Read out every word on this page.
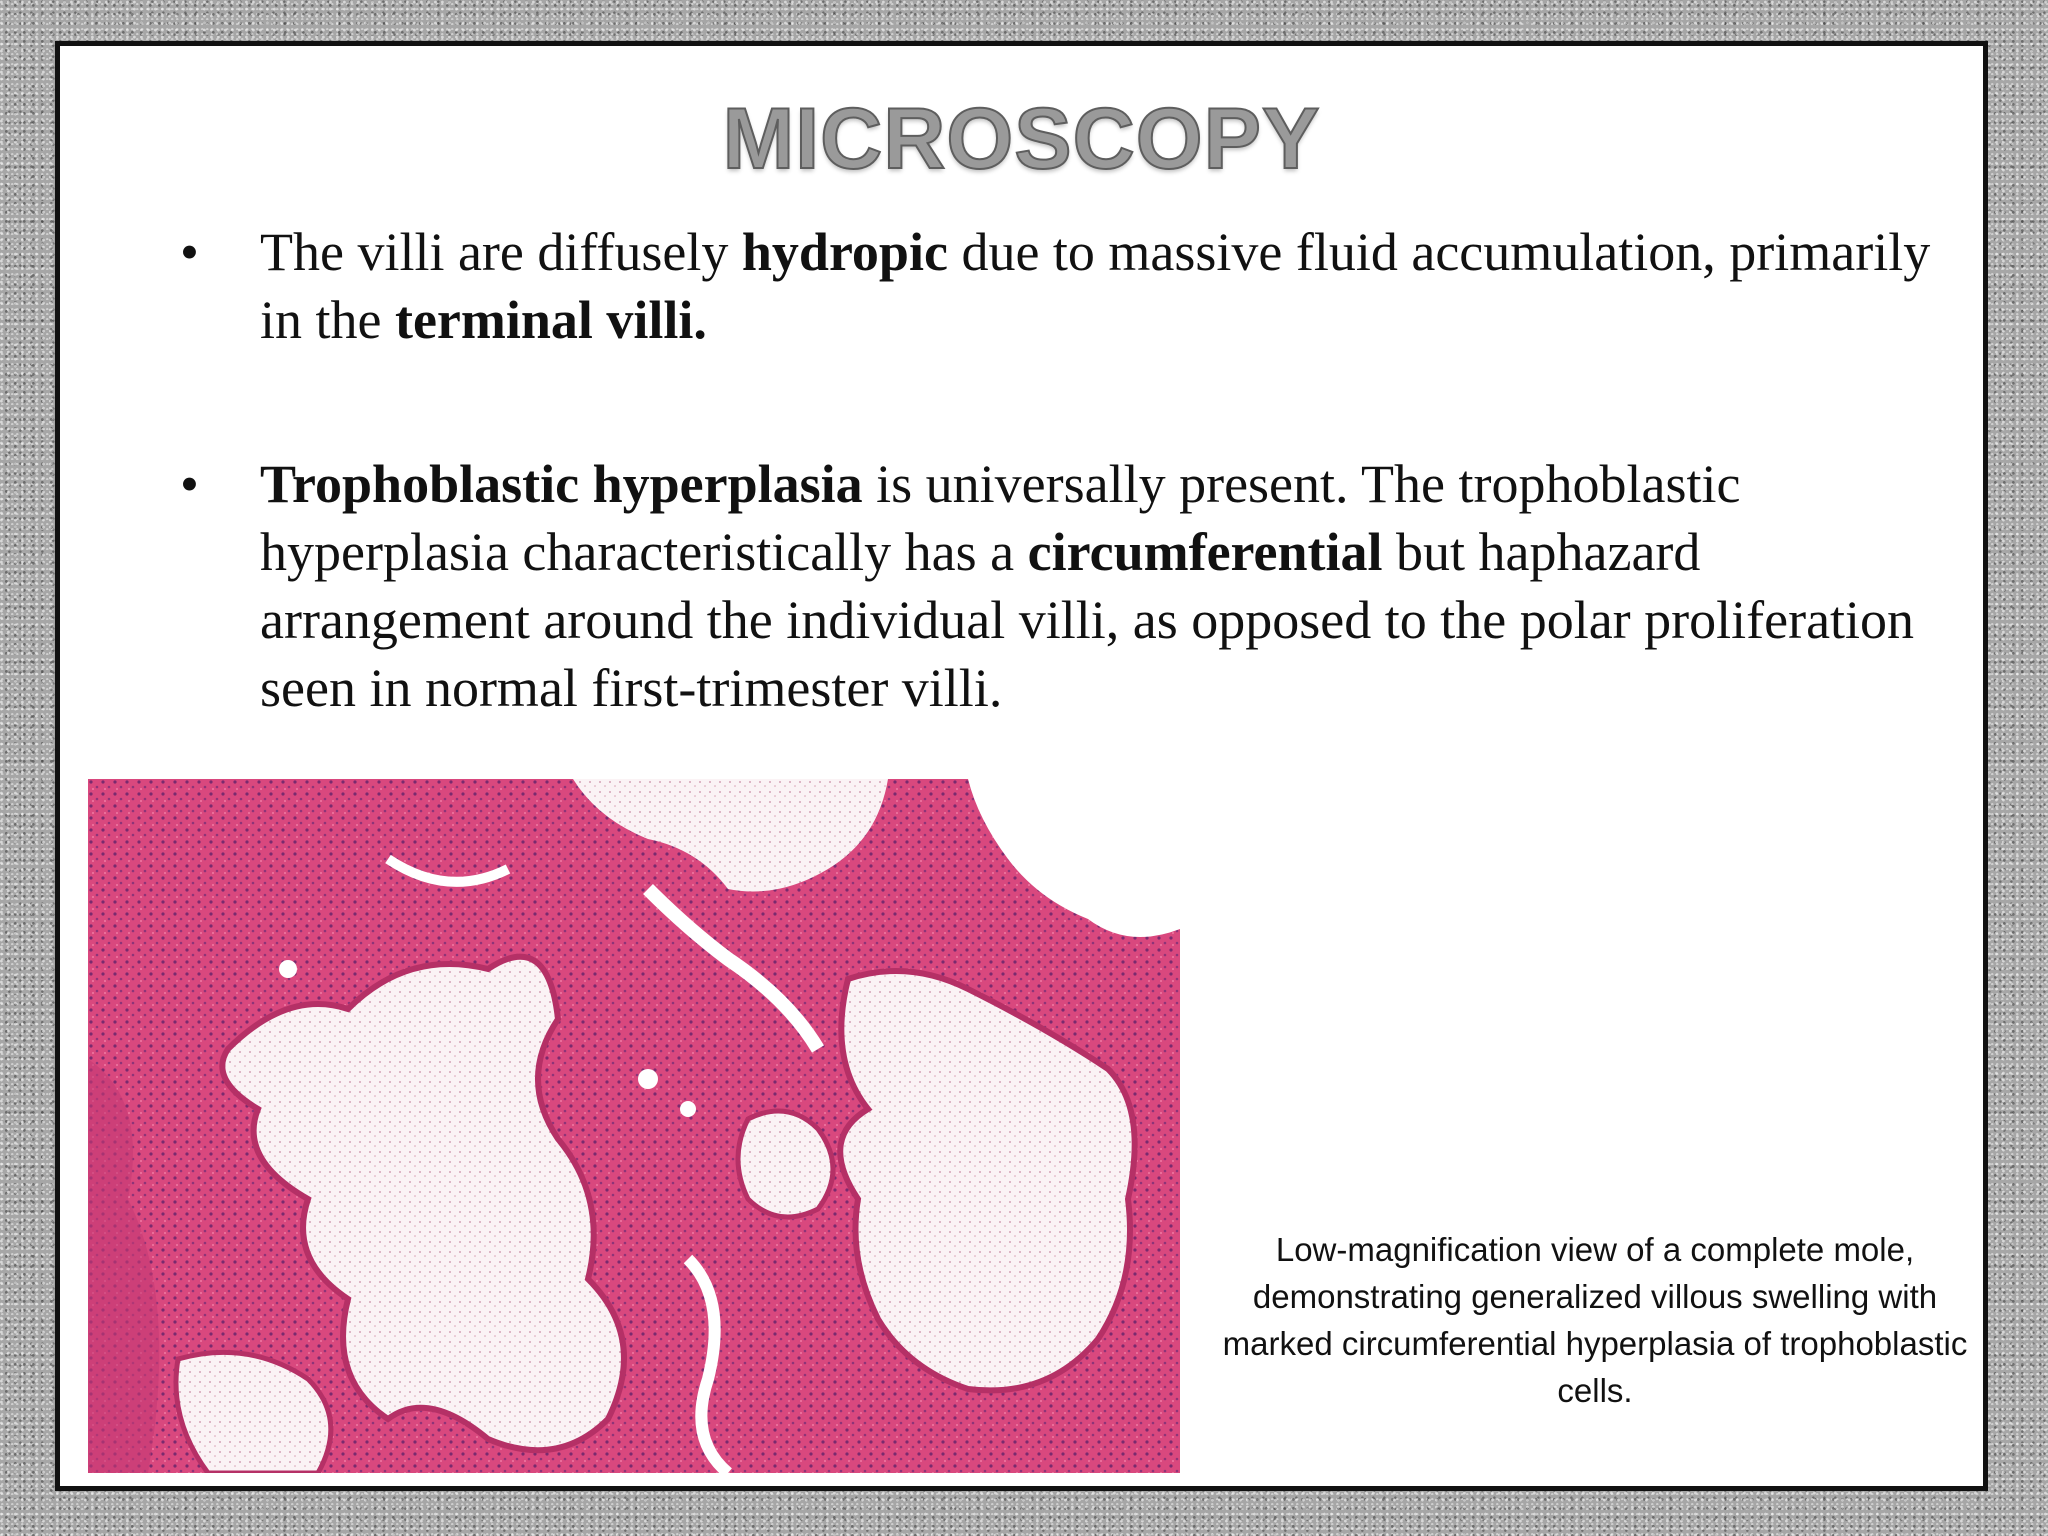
MICROSCOPY
• The villi are diffusely hydropic due to massive fluid accumulation, primarily in the terminal villi.
• Trophoblastic hyperplasia is universally present. The trophoblastic hyperplasia characteristically has a circumferential but haphazard arrangement around the individual villi, as opposed to the polar proliferation seen in normal first-trimester villi.

Low-magnification view of a complete mole, demonstrating generalized villous swelling with marked circumferential hyperplasia of trophoblastic cells.
